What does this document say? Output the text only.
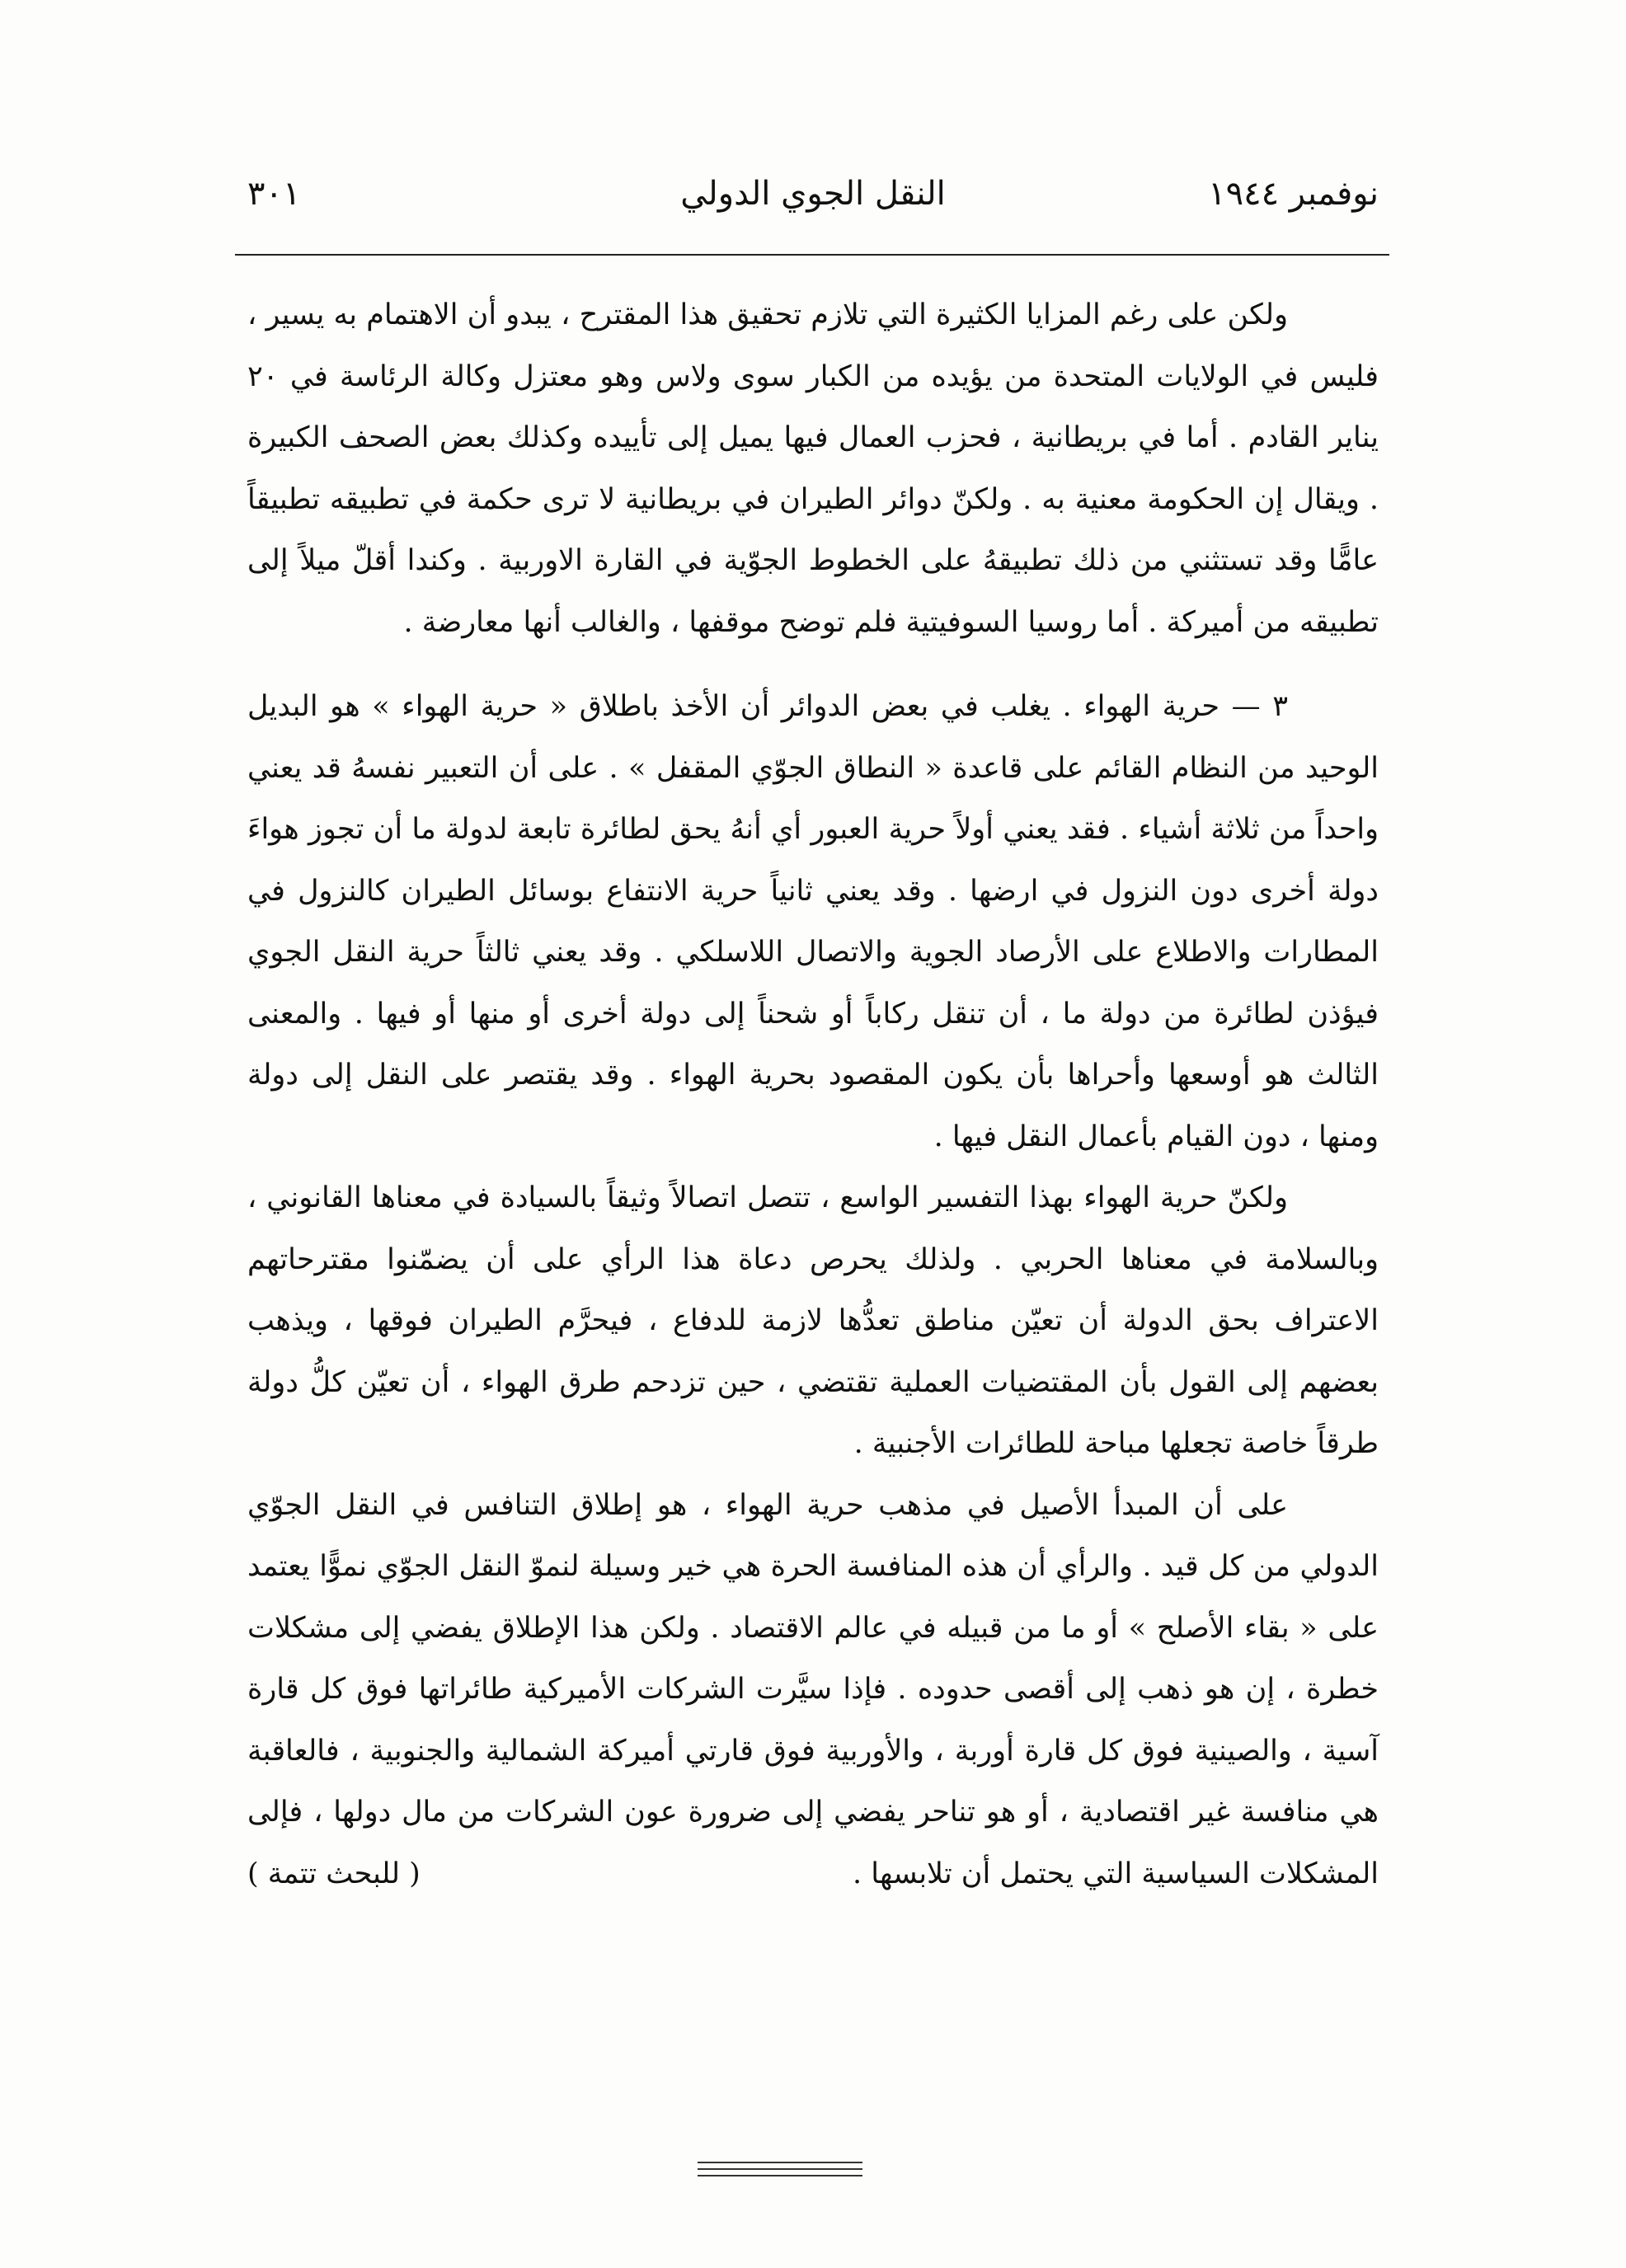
نوفمبر ١٩٤٤
النقل الجوي الدولي
٣٠١

ولكن على رغم المزايا الكثيرة التي تلازم تحقيق هذا المقترح ، يبدو أن الاهتمام به يسير ، فليس في الولايات المتحدة من يؤيده من الكبار سوى ولاس وهو معتزل وكالة الرئاسة في ٢٠ يناير القادم . أما في بريطانية ، فحزب العمال فيها يميل إلى تأييده وكذلك بعض الصحف الكبيرة . ويقال إن الحكومة معنية به . ولكنّ دوائر الطيران في بريطانية لا ترى حكمة في تطبيقه تطبيقاً عامًّا وقد تستثني من ذلك تطبيقهُ على الخطوط الجوّية في القارة الاوربية . وكندا أقلّ ميلاً إلى تطبيقه من أميركة . أما روسيا السوفيتية فلم توضح موقفها ، والغالب أنها معارضة .

٣ — حرية الهواء . يغلب في بعض الدوائر أن الأخذ باطلاق « حرية الهواء » هو البديل الوحيد من النظام القائم على قاعدة « النطاق الجوّي المقفل » . على أن التعبير نفسهُ قد يعني واحداً من ثلاثة أشياء . فقد يعني أولاً حرية العبور أي أنهُ يحق لطائرة تابعة لدولة ما أن تجوز هواءَ دولة أخرى دون النزول في ارضها . وقد يعني ثانياً حرية الانتفاع بوسائل الطيران كالنزول في المطارات والاطلاع على الأرصاد الجوية والاتصال اللاسلكي . وقد يعني ثالثاً حرية النقل الجوي فيؤذن لطائرة من دولة ما ، أن تنقل ركاباً أو شحناً إلى دولة أخرى أو منها أو فيها . والمعنى الثالث هو أوسعها وأحراها بأن يكون المقصود بحرية الهواء . وقد يقتصر على النقل إلى دولة ومنها ، دون القيام بأعمال النقل فيها .

ولكنّ حرية الهواء بهذا التفسير الواسع ، تتصل اتصالاً وثيقاً بالسيادة في معناها القانوني ، وبالسلامة في معناها الحربي . ولذلك يحرص دعاة هذا الرأي على أن يضمّنوا مقترحاتهم الاعتراف بحق الدولة أن تعيّن مناطق تعدُّها لازمة للدفاع ، فيحرَّم الطيران فوقها ، ويذهب بعضهم إلى القول بأن المقتضيات العملية تقتضي ، حين تزدحم طرق الهواء ، أن تعيّن كلُّ دولة طرقاً خاصة تجعلها مباحة للطائرات الأجنبية .

على أن المبدأ الأصيل في مذهب حرية الهواء ، هو إطلاق التنافس في النقل الجوّي الدولي من كل قيد . والرأي أن هذه المنافسة الحرة هي خير وسيلة لنموّ النقل الجوّي نموًّا يعتمد على « بقاء الأصلح » أو ما من قبيله في عالم الاقتصاد . ولكن هذا الإطلاق يفضي إلى مشكلات خطرة ، إن هو ذهب إلى أقصى حدوده . فإذا سيَّرت الشركات الأميركية طائراتها فوق كل قارة آسية ، والصينية فوق كل قارة أوربة ، والأوربية فوق قارتي أميركة الشمالية والجنوبية ، فالعاقبة هي منافسة غير اقتصادية ، أو هو تناحر يفضي إلى ضرورة عون الشركات من مال دولها ، فإلى المشكلات السياسية التي يحتمل أن تلابسها .
( للبحث تتمة )
